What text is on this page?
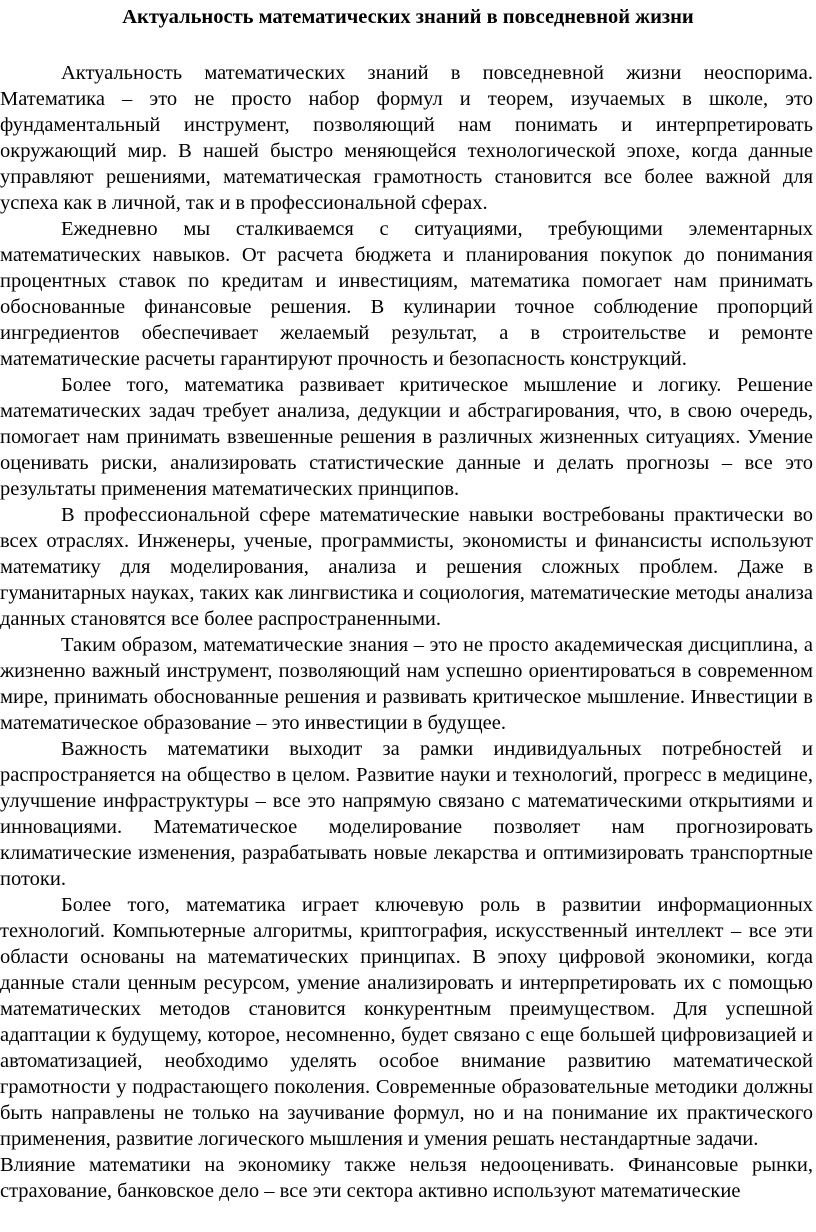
Актуальность математических знаний в повседневной жизни

Актуальность математических знаний в повседневной жизни неоспорима. Математика – это не просто набор формул и теорем, изучаемых в школе, это фундаментальный инструмент, позволяющий нам понимать и интерпретировать окружающий мир. В нашей быстро меняющейся технологической эпохе, когда данные управляют решениями, математическая грамотность становится все более важной для успеха как в личной, так и в профессиональной сферах.

Ежедневно мы сталкиваемся с ситуациями, требующими элементарных математических навыков. От расчета бюджета и планирования покупок до понимания процентных ставок по кредитам и инвестициям, математика помогает нам принимать обоснованные финансовые решения. В кулинарии точное соблюдение пропорций ингредиентов обеспечивает желаемый результат, а в строительстве и ремонте математические расчеты гарантируют прочность и безопасность конструкций.

Более того, математика развивает критическое мышление и логику. Решение математических задач требует анализа, дедукции и абстрагирования, что, в свою очередь, помогает нам принимать взвешенные решения в различных жизненных ситуациях. Умение оценивать риски, анализировать статистические данные и делать прогнозы – все это результаты применения математических принципов.

В профессиональной сфере математические навыки востребованы практически во всех отраслях. Инженеры, ученые, программисты, экономисты и финансисты используют математику для моделирования, анализа и решения сложных проблем. Даже в гуманитарных науках, таких как лингвистика и социология, математические методы анализа данных становятся все более распространенными.

Таким образом, математические знания – это не просто академическая дисциплина, а жизненно важный инструмент, позволяющий нам успешно ориентироваться в современном мире, принимать обоснованные решения и развивать критическое мышление. Инвестиции в математическое образование – это инвестиции в будущее.

Важность математики выходит за рамки индивидуальных потребностей и распространяется на общество в целом. Развитие науки и технологий, прогресс в медицине, улучшение инфраструктуры – все это напрямую связано с математическими открытиями и инновациями. Математическое моделирование позволяет нам прогнозировать климатические изменения, разрабатывать новые лекарства и оптимизировать транспортные потоки.

Более того, математика играет ключевую роль в развитии информационных технологий. Компьютерные алгоритмы, криптография, искусственный интеллект – все эти области основаны на математических принципах. В эпоху цифровой экономики, когда данные стали ценным ресурсом, умение анализировать и интерпретировать их с помощью математических методов становится конкурентным преимуществом. Для успешной адаптации к будущему, которое, несомненно, будет связано с еще большей цифровизацией и автоматизацией, необходимо уделять особое внимание развитию математической грамотности у подрастающего поколения. Современные образовательные методики должны быть направлены не только на заучивание формул, но и на понимание их практического применения, развитие логического мышления и умения решать нестандартные задачи.

Влияние математики на экономику также нельзя недооценивать. Финансовые рынки, страхование, банковское дело – все эти сектора активно используют математические
